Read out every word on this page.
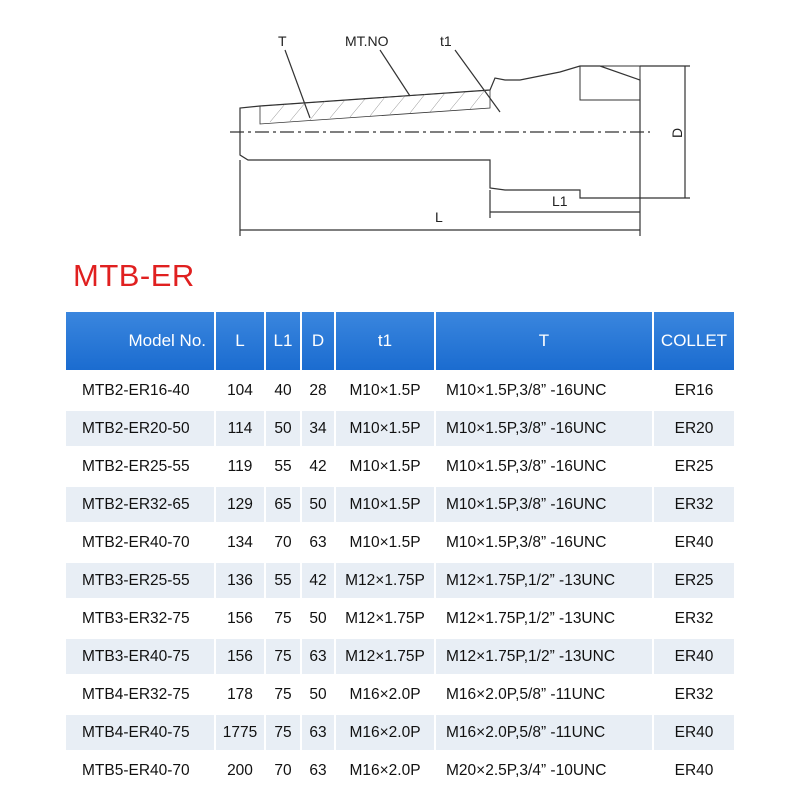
T	MT.NO	t1
D
L
L1
MTB-ER
Model No.	L	L1	D	t1	T	COLLET
MTB2-ER16-40	104	40	28	M10×1.5P	M10×1.5P,3/8” -16UNC	ER16
MTB2-ER20-50	114	50	34	M10×1.5P	M10×1.5P,3/8” -16UNC	ER20
MTB2-ER25-55	119	55	42	M10×1.5P	M10×1.5P,3/8” -16UNC	ER25
MTB2-ER32-65	129	65	50	M10×1.5P	M10×1.5P,3/8” -16UNC	ER32
MTB2-ER40-70	134	70	63	M10×1.5P	M10×1.5P,3/8” -16UNC	ER40
MTB3-ER25-55	136	55	42	M12×1.75P	M12×1.75P,1/2” -13UNC	ER25
MTB3-ER32-75	156	75	50	M12×1.75P	M12×1.75P,1/2” -13UNC	ER32
MTB3-ER40-75	156	75	63	M12×1.75P	M12×1.75P,1/2” -13UNC	ER40
MTB4-ER32-75	178	75	50	M16×2.0P	M16×2.0P,5/8” -11UNC	ER32
MTB4-ER40-75	1775	75	63	M16×2.0P	M16×2.0P,5/8” -11UNC	ER40
MTB5-ER40-70	200	70	63	M16×2.0P	M20×2.5P,3/4” -10UNC	ER40
